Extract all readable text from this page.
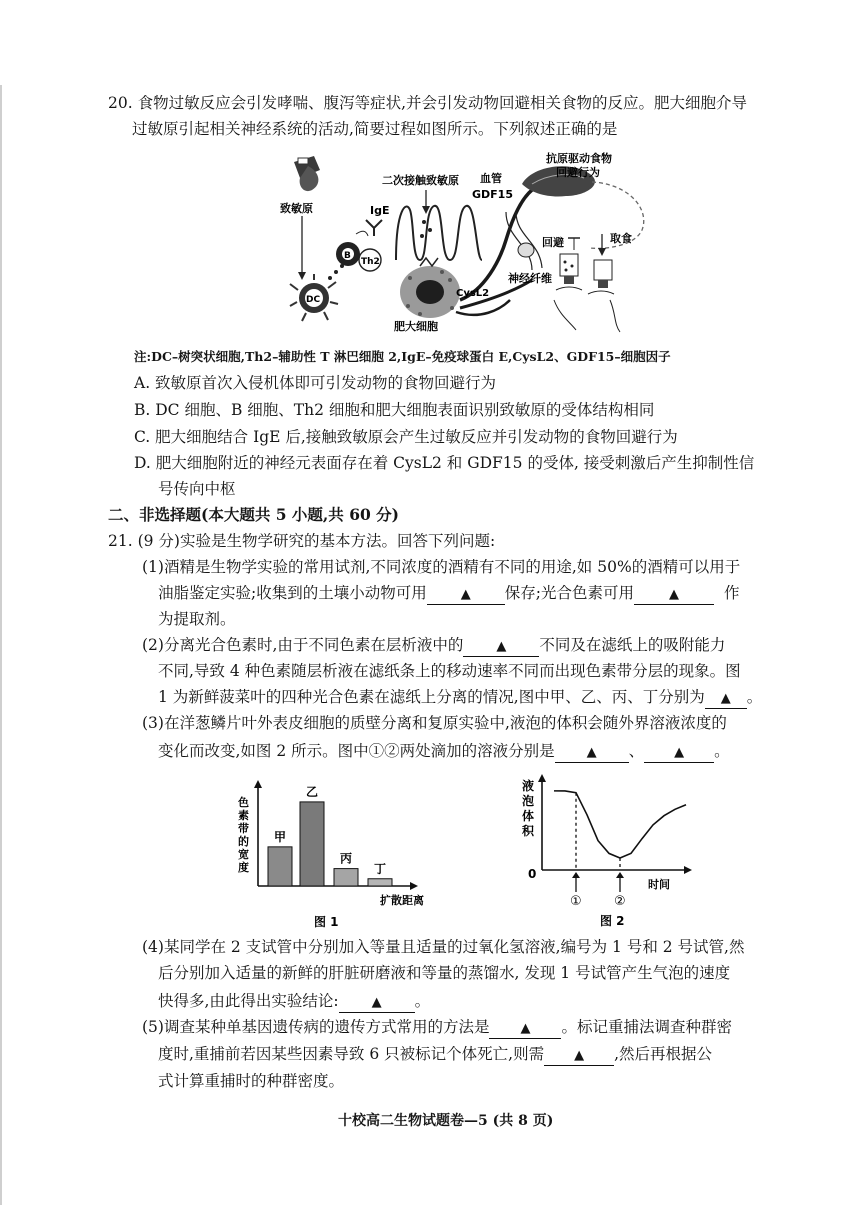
20. 食物过敏反应会引发哮喘、腹泻等症状,并会引发动物回避相关食物的反应。肥大细胞介导
过敏原引起相关神经系统的活动,简要过程如图所示。下列叙述正确的是
致敏原
DC
B
Th2
IgE
二次接触致敏原
肥大细胞
CysL2
血管
GDF15
抗原驱动食物
回避行为
回避	取食
神经纤维
注:DC–树突状细胞,Th2–辅助性 T 淋巴细胞 2,IgE–免疫球蛋白 E,CysL2、GDF15–细胞因子
A. 致敏原首次入侵机体即可引发动物的食物回避行为
B. DC 细胞、B 细胞、Th2 细胞和肥大细胞表面识别致敏原的受体结构相同
C. 肥大细胞结合 IgE 后,接触致敏原会产生过敏反应并引发动物的食物回避行为
D. 肥大细胞附近的神经元表面存在着 CysL2 和 GDF15 的受体, 接受刺激后产生抑制性信
号传向中枢
二、非选择题(本大题共 5 小题,共 60 分)
21. (9 分)实验是生物学研究的基本方法。回答下列问题:
(1)酒精是生物学实验的常用试剂,不同浓度的酒精有不同的用途,如 50%的酒精可以用于
油脂鉴定实验;收集到的土壤小动物可用	▲ 保存;光合色素可用	▲	作
为提取剂。
(2)分离光合色素时,由于不同色素在层析液中的	▲ 不同及在滤纸上的吸附能力
不同,导致 4 种色素随层析液在滤纸条上的移动速率不同而出现色素带分层的现象。图
1 为新鲜菠菜叶的四种光合色素在滤纸上分离的情况,图中甲、乙、丙、丁分别为 ▲ 。
(3)在洋葱鳞片叶外表皮细胞的质壁分离和复原实验中,液泡的体积会随外界溶液浓度的
变化而改变,如图 2 所示。图中①②两处滴加的溶液分别是 ▲ 、 ▲ 。
甲
乙
丙
丁
扩散距离
图 1
色
素
带
的
宽
度
液
泡
体
积
0
时间
① ②
图 2
(4)某同学在 2 支试管中分别加入等量且适量的过氧化氢溶液,编号为 1 号和 2 号试管,然
后分别加入适量的新鲜的肝脏研磨液和等量的蒸馏水, 发现 1 号试管产生气泡的速度
快得多,由此得出实验结论:	▲ 。
(5)调查某种单基因遗传病的遗传方式常用的方法是 ▲ 。标记重捕法调查种群密
度时,重捕前若因某些因素导致 6 只被标记个体死亡,则需 ▲ ,然后再根据公
式计算重捕时的种群密度。
十校高二生物试题卷—5 (共 8 页)
